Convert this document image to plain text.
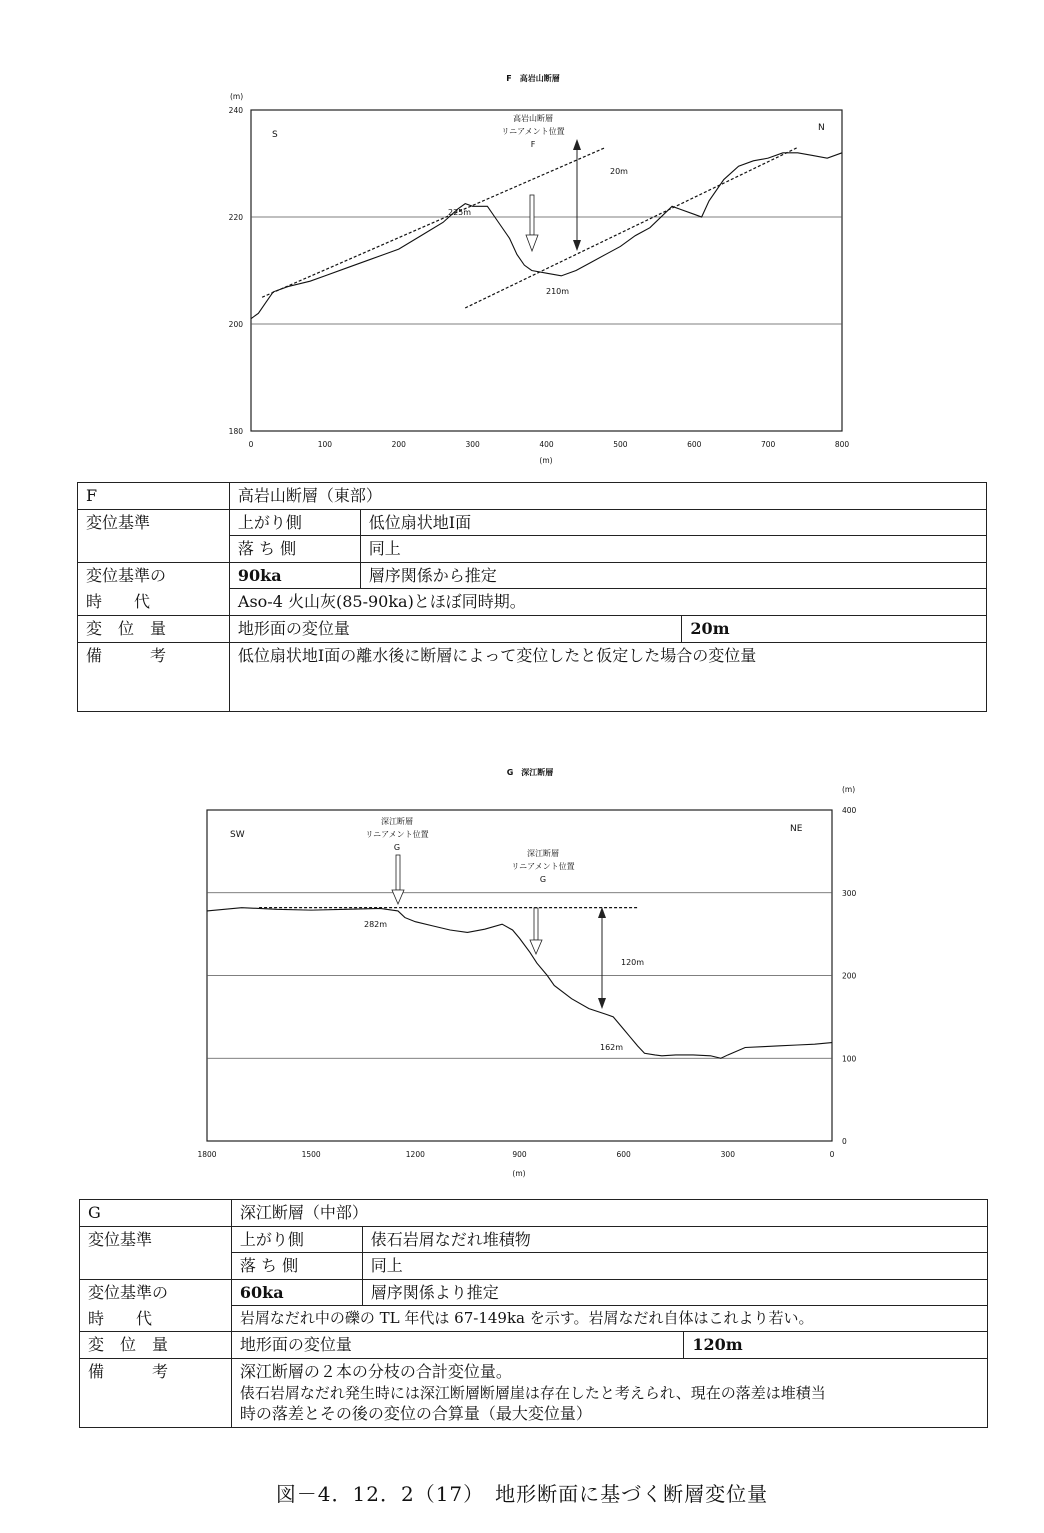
F　高岩山断層
(m)
180
200
220
240
0	100	200	300	400	500	600	700	800
(m)
S
N
高岩山断層
リニアメント位置
F
20m
225m
210m
G　深江断層
(m)
0
100
200
300
400
1800	1500	1200	900	600	300	0
(m)
SW
NE
深江断層
リニアメント位置
G
深江断層
リニアメント位置
G
120m
282m
162m
F	高岩山断層（東部）		
変位基準	上がり側	低位扇状地Ⅰ面	
	落 ち 側	同上	
変位基準の	90ka	層序関係から推定	
時　　代	Aso-4 火山灰(85-90ka)とほぼ同時期。		
変　位　量	地形面の変位量		20m
備　　　考	低位扇状地Ⅰ面の離水後に断層によって変位したと仮定した場合の変位量		
G	深江断層（中部）		
変位基準	上がり側	俵石岩屑なだれ堆積物	
	落 ち 側	同上	
変位基準の	60ka	層序関係より推定	
時　　代	岩屑なだれ中の礫の TL 年代は 67-149ka を示す。岩屑なだれ自体はこれより若い。		
変　位　量	地形面の変位量		120m
備　　　考	深江断層の２本の分枝の合計変位量。
俵石岩屑なだれ発生時には深江断層断層崖は存在したと考えられ、現在の落差は堆積当
時の落差とその後の変位の合算量（最大変位量）		
図－4．12．2（17）　地形断面に基づく断層変位量
